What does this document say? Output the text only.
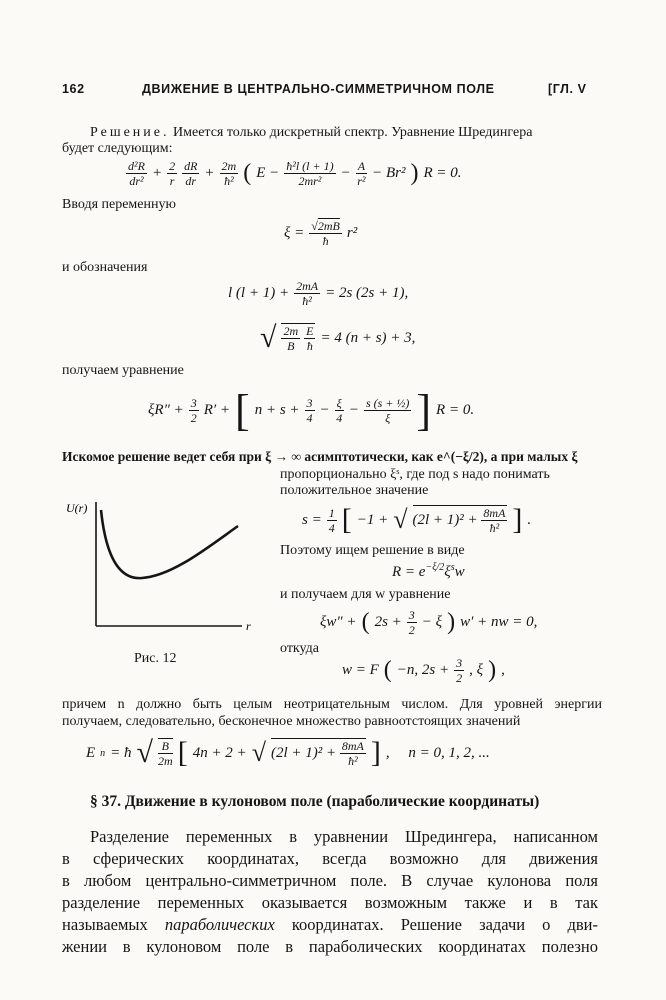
162	ДВИЖЕНИЕ В ЦЕНТРАЛЬНО-СИММЕТРИЧНОМ ПОЛЕ	[ГЛ. V
Решение. Имеется только дискретный спектр. Уравнение Шредингера
будет следующим:
$\frac{\text{d²R}}{\text{dr²}} + \frac{2}{r} \frac{dR}{dr} + \frac{2m}{\text{ħ²}}$ ( $E - \frac{\text{ħ²l (l + 1)}}{\text{2mr²}} - \frac{A}{\text{r²}} - Br^2$ ) R = 0.
Вводя переменную
$\xi = \frac{√2mB}{ħ} r^2$
и обозначения
l $(l + 1) + \frac{2mA}{\text{ħ²}} = 2s$ (2s + 1),
√ $\frac{2m}{B} \frac{E}{ħ} = 4$ (n + s) + 3,
получаем уравнение
$\xi R'' + \frac{3}{2} R'$ + [ $n + s + \frac{3}{4} - \frac{\xi}{4} - \frac{\text{s (s + ½)}}{\xi}$ ] R = 0.
Искомое решение ведет себя при ξ → ∞ асимптотически, как e^(−ξ/2), а при малых ξ
U(r)
r
Рис. 12
пропорционально ξˢ, где под s надо понимать
положительное значение
$s = \frac{1}{4}$ [ −1 + √ $(2l + 1)^2 + \frac{8mA}{\text{ħ²}}$ ] .
Поэтому ищем решение в виде
$R = e^{-\xi/2}\xi^sw$
и получаем для w уравнение
ξw″ + ( $2s + \frac{3}{2} - \xi$ ) w′ + nw = 0,
откуда
w = F ( −n, $2s + \frac{3}{2}$ , ξ ) ,
причем n должно быть целым неотрицательным числом. Для уровней энергии
получаем, следовательно, бесконечное множество равноотстоящих значений
E n = ħ √ $\frac{B}{2m}$ [ 4n + 2 + √ $(2l + 1)^2 + \frac{8mA}{\text{ħ²}}$ ] ,     n = 0, 1, 2, ...
§ 37. Движение в кулоновом поле (параболические координаты)
Разделение переменных в уравнении Шредингера, написанном
в сферических координатах, всегда возможно для движения
в любом центрально-симметричном поле. В случае кулонова поля
разделение переменных оказывается возможным также и в так
называемых параболических координатах. Решение задачи о дви-
жении в кулоновом поле в параболических координатах полезно
